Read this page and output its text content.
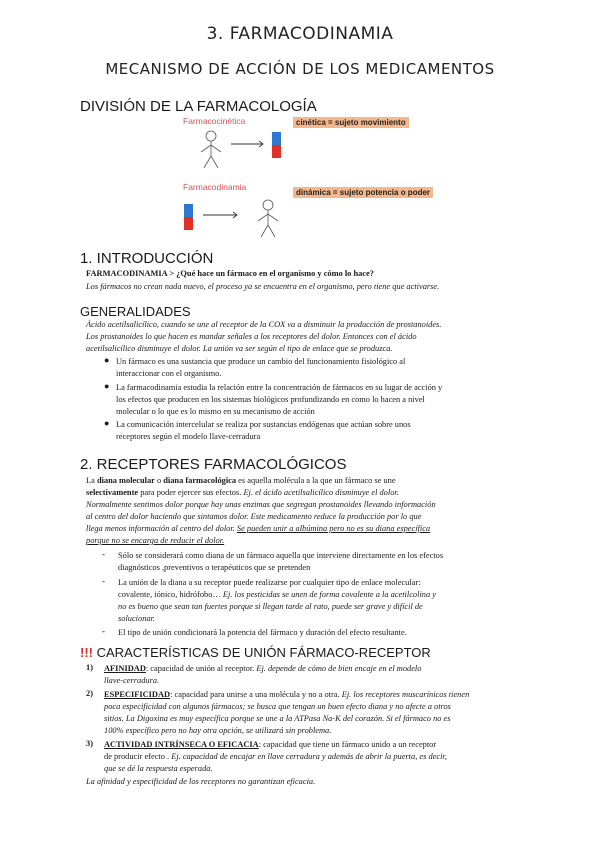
3. FARMACODINAMIA
MECANISMO DE ACCIÓN DE LOS MEDICAMENTOS
DIVISIÓN DE LA FARMACOLOGÍA
Farmacocinética	cinética = sujeto movimiento
Farmacodinamia
dinámica = sujeto potencia o poder
1. INTRODUCCIÓN
FARMACODINAMIA > ¿Qué hace un fármaco en el organismo y cómo lo hace?
Los fármacos no crean nada nuevo, el proceso ya se encuentra en el organismo, pero tiene que activarse.
GENERALIDADES
Ácido acetilsalicílico, cuando se une al receptor de la COX va a disminuir la producción de prostanoides.
Los prostanoides lo que hacen es mandar señales a los receptores del dolor. Entonces con el ácido
acetilsalicílico disminuye el dolor. La unión va ser según el tipo de enlace que se produzca.
● Un fármaco es una sustancia que produce un cambio del funcionamiento fisiológico al
interaccionar con el organismo.
● La farmacodinamia estudia la relación entre la concentración de fármacos en su lugar de acción y
los efectos que producen en los sistemas biológicos profundizando en como lo hacen a nivel
molecular o lo que es lo mismo en su mecanismo de acción
● La comunicación intercelular se realiza por sustancias endógenas que actúan sobre unos
receptores según el modelo llave-cerradura
2. RECEPTORES FARMACOLÓGICOS
La diana molecular o diana farmacológica es aquella molécula a la que un fármaco se une
selectivamente para poder ejercer sus efectos. Ej. el ácido acetilsalicílico disminuye el dolor.
Normalmente sentimos dolor porque hay unas enzimas que segregan prostanoides llevando información
al centro del dolor haciendo que sintamos dolor. Este medicamento reduce la producción por lo que
llega menos información al centro del dolor. Se pueden unir a albúmina pero no es su diana específica
porque no se encarga de reducir el dolor.
- Sólo se considerará como diana de un fármaco aquella que interviene directamente en los efectos
diagnósticos ,preventivos o terapéuticos que se pretenden
- La unión de la diana a su receptor puede realizarse por cualquier tipo de enlace molecular:
covalente, iónico, hidrófobo… Ej. los pesticidas se unen de forma covalente a la acetilcolina y
no es bueno que sean tan fuertes porque si llegan tarde al rato, puede ser grave y difícil de
solucionar.
- El tipo de unión condicionará la potencia del fármaco y duración del efecto resultante.
!!! CARACTERÍSTICAS DE UNIÓN FÁRMACO-RECEPTOR
1) AFINIDAD: capacidad de unión al receptor. Ej. depende de cómo de bien encaje en el modelo
llave-cerradura.
2) ESPECIFICIDAD: capacidad para unirse a una molécula y no a otra. Ej. los receptores muscarínicos tienen
poca especificidad con algunos fármacos; se busca que tengan un buen efecto diana y no afecte a otros
sitios. La Digoxina es muy específica porque se une a la ATPasa Na-K del corazón. Si el fármaco no es
100% específico pero no hay otra opción, se utilizará sin problema.
3) ACTIVIDAD INTRÍNSECA O EFICACIA: capacidad que tiene un fármaco unido a un receptor
de producir efecto . Ej. capacidad de encajar en llave cerradura y además de abrir la puerta, es decir,
que se dé la respuesta esperada.
La afinidad y especificidad de los receptores no garantizan eficacia.
